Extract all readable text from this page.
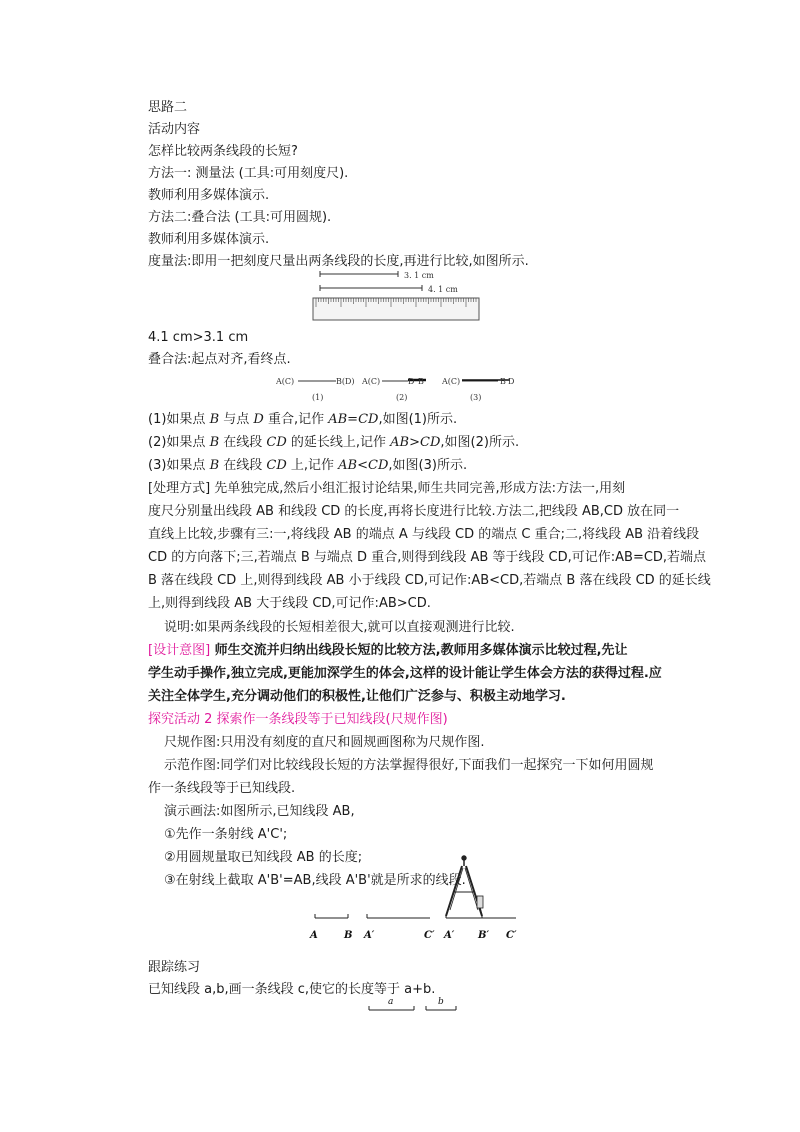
思路二
活动内容
怎样比较两条线段的长短?
方法一: 测量法 (工具:可用刻度尺).
教师利用多媒体演示.
方法二:叠合法 (工具:可用圆规).
教师利用多媒体演示.
度量法:即用一把刻度尺量出两条线段的长度,再进行比较,如图所示.
3. 1 cm
4. 1 cm
4.1 cm>3.1 cm
叠合法:起点对齐,看终点.
A(C)	B(D)
(1)
A(C)	D B
(2)
A(C)	B D
(3)
(1)如果点 B 与点 D 重合,记作 AB=CD,如图(1)所示.
(2)如果点 B 在线段 CD 的延长线上,记作 AB>CD,如图(2)所示.
(3)如果点 B 在线段 CD 上,记作 AB<CD,如图(3)所示.
[处理方式] 先单独完成,然后小组汇报讨论结果,师生共同完善,形成方法:方法一,用刻
度尺分别量出线段 AB 和线段 CD 的长度,再将长度进行比较.方法二,把线段 AB,CD 放在同一
直线上比较,步骤有三:一,将线段 AB 的端点 A 与线段 CD 的端点 C 重合;二,将线段 AB 沿着线段
CD 的方向落下;三,若端点 B 与端点 D 重合,则得到线段 AB 等于线段 CD,可记作:AB=CD,若端点
B 落在线段 CD 上,则得到线段 AB 小于线段 CD,可记作:AB<CD,若端点 B 落在线段 CD 的延长线
上,则得到线段 AB 大于线段 CD,可记作:AB>CD.
说明:如果两条线段的长短相差很大,就可以直接观测进行比较.
[设计意图] 师生交流并归纳出线段长短的比较方法,教师用多媒体演示比较过程,先让
学生动手操作,独立完成,更能加深学生的体会,这样的设计能让学生体会方法的获得过程.应
关注全体学生,充分调动他们的积极性,让他们广泛参与、积极主动地学习.
探究活动 2 探索作一条线段等于已知线段(尺规作图)
尺规作图:只用没有刻度的直尺和圆规画图称为尺规作图.
示范作图:同学们对比较线段长短的方法掌握得很好,下面我们一起探究一下如何用圆规
作一条线段等于已知线段.
演示画法:如图所示,已知线段 AB,
①先作一条射线 A'C';
②用圆规量取已知线段 AB 的长度;
③在射线上截取 A'B'=AB,线段 A'B'就是所求的线段.
A	B A′	C′ A′ B′ C′
跟踪练习
已知线段 a,b,画一条线段 c,使它的长度等于 a+b.
a	b
